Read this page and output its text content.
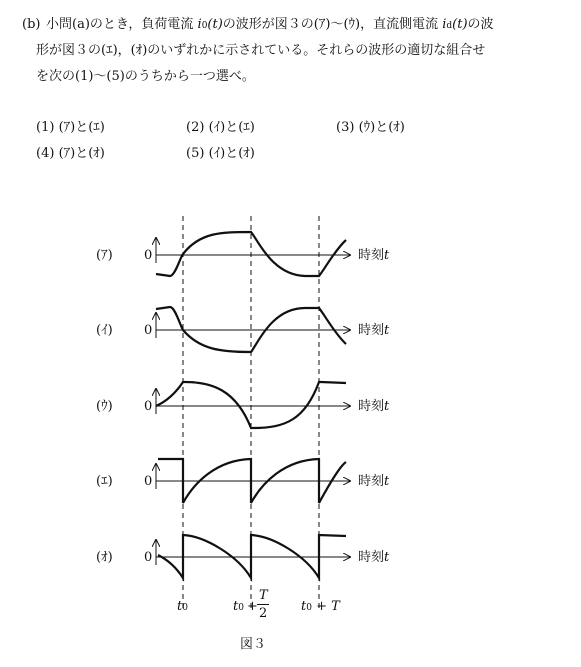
(b) 小問(a)のとき，負荷電流 i0(t)の波形が図３の(ｱ)～(ｳ)，直流側電流 id(t)の波
形が図３の(ｴ)，(ｵ)のいずれかに示されている。それらの波形の適切な組合せ
を次の(1)～(5)のうちから一つ選べ。
(1) (ｱ)と(ｴ)	(2) (ｲ)と(ｴ)	(3) (ｳ)と(ｵ)
(4) (ｱ)と(ｵ)	(5) (ｲ)と(ｵ)
(ｱ)
(ｲ)
(ｳ)
(ｴ)
(ｵ)
0
0
0
0
0
時刻t
時刻t
時刻t
時刻t
時刻t
t0	t0 +
T
2	t0 + T
図３
